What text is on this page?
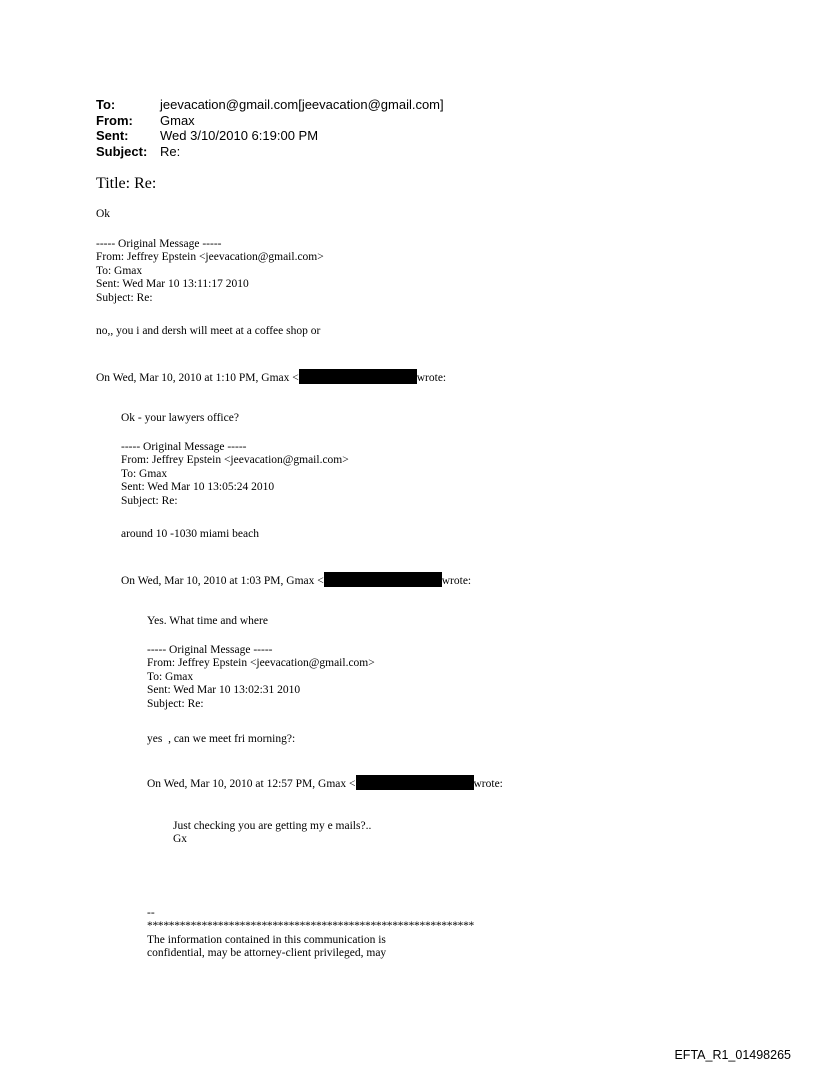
To:	jeevacation@gmail.com[jeevacation@gmail.com]
From:	Gmax
Sent:	Wed 3/10/2010 6:19:00 PM
Subject: Re:
Title: Re:
Ok

----- Original Message -----

From: Jeffrey Epstein <jeevacation@gmail.com>

To: Gmax

Sent: Wed Mar 10 13:11:17 2010

Subject: Re:

no,, you i and dersh will meet at a coffee shop or
On Wed, Mar 10, 2010 at 1:10 PM, Gmax <	wrote:
Ok - your lawyers office?

----- Original Message -----

From: Jeffrey Epstein <jeevacation@gmail.com>

To: Gmax

Sent: Wed Mar 10 13:05:24 2010

Subject: Re:

around 10 -1030 miami beach
On Wed, Mar 10, 2010 at 1:03 PM, Gmax <	wrote:
Yes. What time and where

----- Original Message -----

From: Jeffrey Epstein <jeevacation@gmail.com>

To: Gmax

Sent: Wed Mar 10 13:02:31 2010

Subject: Re:

yes  , can we meet fri morning?:
On Wed, Mar 10, 2010 at 12:57 PM, Gmax <	wrote:

Just checking you are getting my e mails?..

Gx

--

************************************************************

The information contained in this communication is

confidential, may be attorney-client privileged, may

EFTA_R1_01498265
